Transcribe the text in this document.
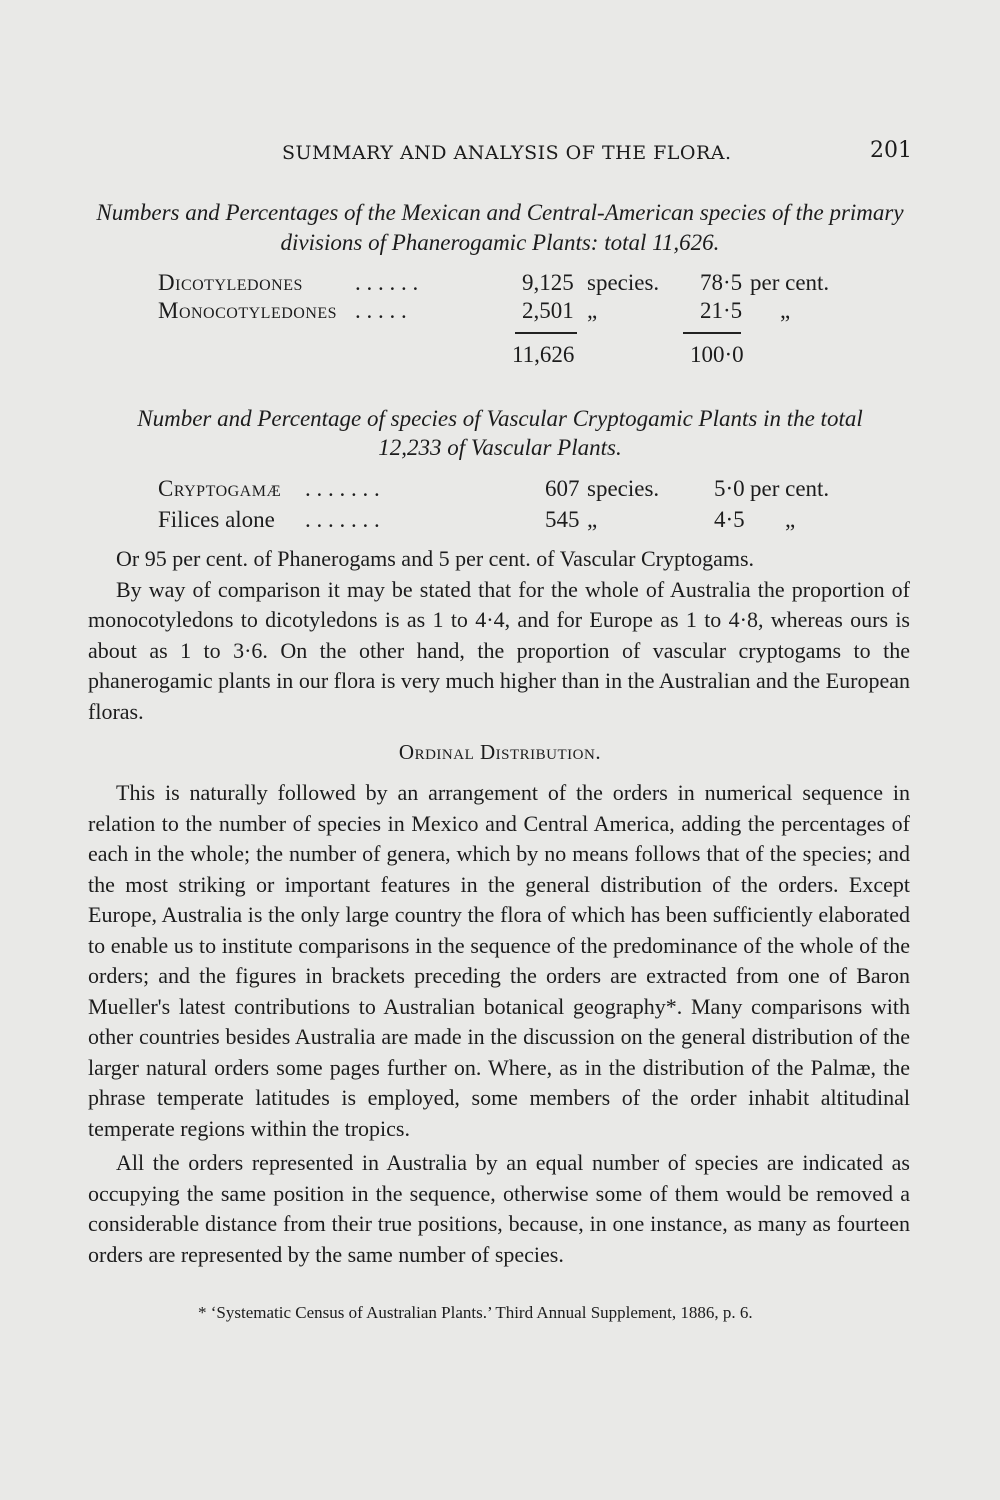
SUMMARY AND ANALYSIS OF THE FLORA.	201
Numbers and Percentages of the Mexican and Central-American species of the primary
divisions of Phanerogamic Plants: total 11,626.
Dicotyledones . . . . . .	9,125 species. 78·5 per cent.
Monocotyledones . . . . .	2,501 „	21·5 „
11,626	100·0
Number and Percentage of species of Vascular Cryptogamic Plants in the total
12,233 of Vascular Plants.
Cryptogamæ . . . . . . .	607 species. 5·0 per cent.
Filices alone . . . . . . .	545 „	4·5 „

Or 95 per cent. of Phanerogams and 5 per cent. of Vascular Cryptogams.

By way of comparison it may be stated that for the whole of Australia the proportion of monocotyledons to dicotyledons is as 1 to 4·4, and for Europe as 1 to 4·8, whereas ours is about as 1 to 3·6. On the other hand, the proportion of vascular cryptogams to the phanerogamic plants in our flora is very much higher than in the Australian and the European floras.

Ordinal Distribution.

This is naturally followed by an arrangement of the orders in numerical sequence in relation to the number of species in Mexico and Central America, adding the percentages of each in the whole; the number of genera, which by no means follows that of the species; and the most striking or important features in the general distribution of the orders. Except Europe, Australia is the only large country the flora of which has been sufficiently elaborated to enable us to institute comparisons in the sequence of the predominance of the whole of the orders; and the figures in brackets preceding the orders are extracted from one of Baron Mueller's latest contributions to Australian botanical geography*. Many comparisons with other countries besides Australia are made in the discussion on the general distribution of the larger natural orders some pages further on. Where, as in the distribution of the Palmæ, the phrase temperate latitudes is employed, some members of the order inhabit altitudinal temperate regions within the tropics.

All the orders represented in Australia by an equal number of species are indicated as occupying the same position in the sequence, otherwise some of them would be removed a considerable distance from their true positions, because, in one instance, as many as fourteen orders are represented by the same number of species.

* ‘Systematic Census of Australian Plants.’ Third Annual Supplement, 1886, p. 6.
